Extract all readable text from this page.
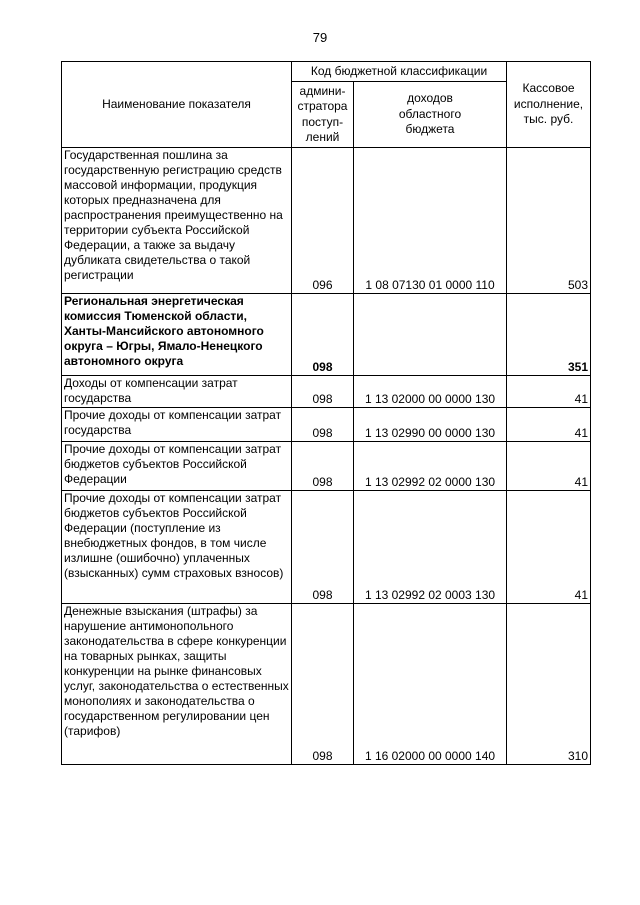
79
Наименование показателя	Код бюджетной классификации		Кассовое
исполнение,
тыс. руб.
	админи-
стратора
поступ-
лений	доходов
областного
бюджета	
Государственная пошлина за государственную регистрацию средств массовой информации, продукция которых предназначена для распространения преимущественно на территории субъекта Российской Федерации, а также за выдачу дубликата свидетельства о такой регистрации	096	1 08 07130 01 0000 110	503
Региональная энергетическая комиссия Тюменской области, Ханты-Мансийского автономного округа – Югры, Ямало-Ненецкого автономного округа	098		351
Доходы от компенсации затрат государства	098	1 13 02000 00 0000 130	41
Прочие доходы от компенсации затрат государства	098	1 13 02990 00 0000 130	41
Прочие доходы от компенсации затрат бюджетов субъектов Российской Федерации	098	1 13 02992 02 0000 130	41
Прочие доходы от компенсации затрат бюджетов субъектов Российской Федерации (поступление из внебюджетных фондов, в том числе излишне (ошибочно) уплаченных (взысканных) сумм страховых взносов)	098	1 13 02992 02 0003 130	41
Денежные взыскания (штрафы) за нарушение антимонопольного законодательства в сфере конкуренции на товарных рынках, защиты конкуренции на рынке финансовых услуг, законодательства о естественных монополиях и законодательства о государственном регулировании цен (тарифов)	098	1 16 02000 00 0000 140	310
